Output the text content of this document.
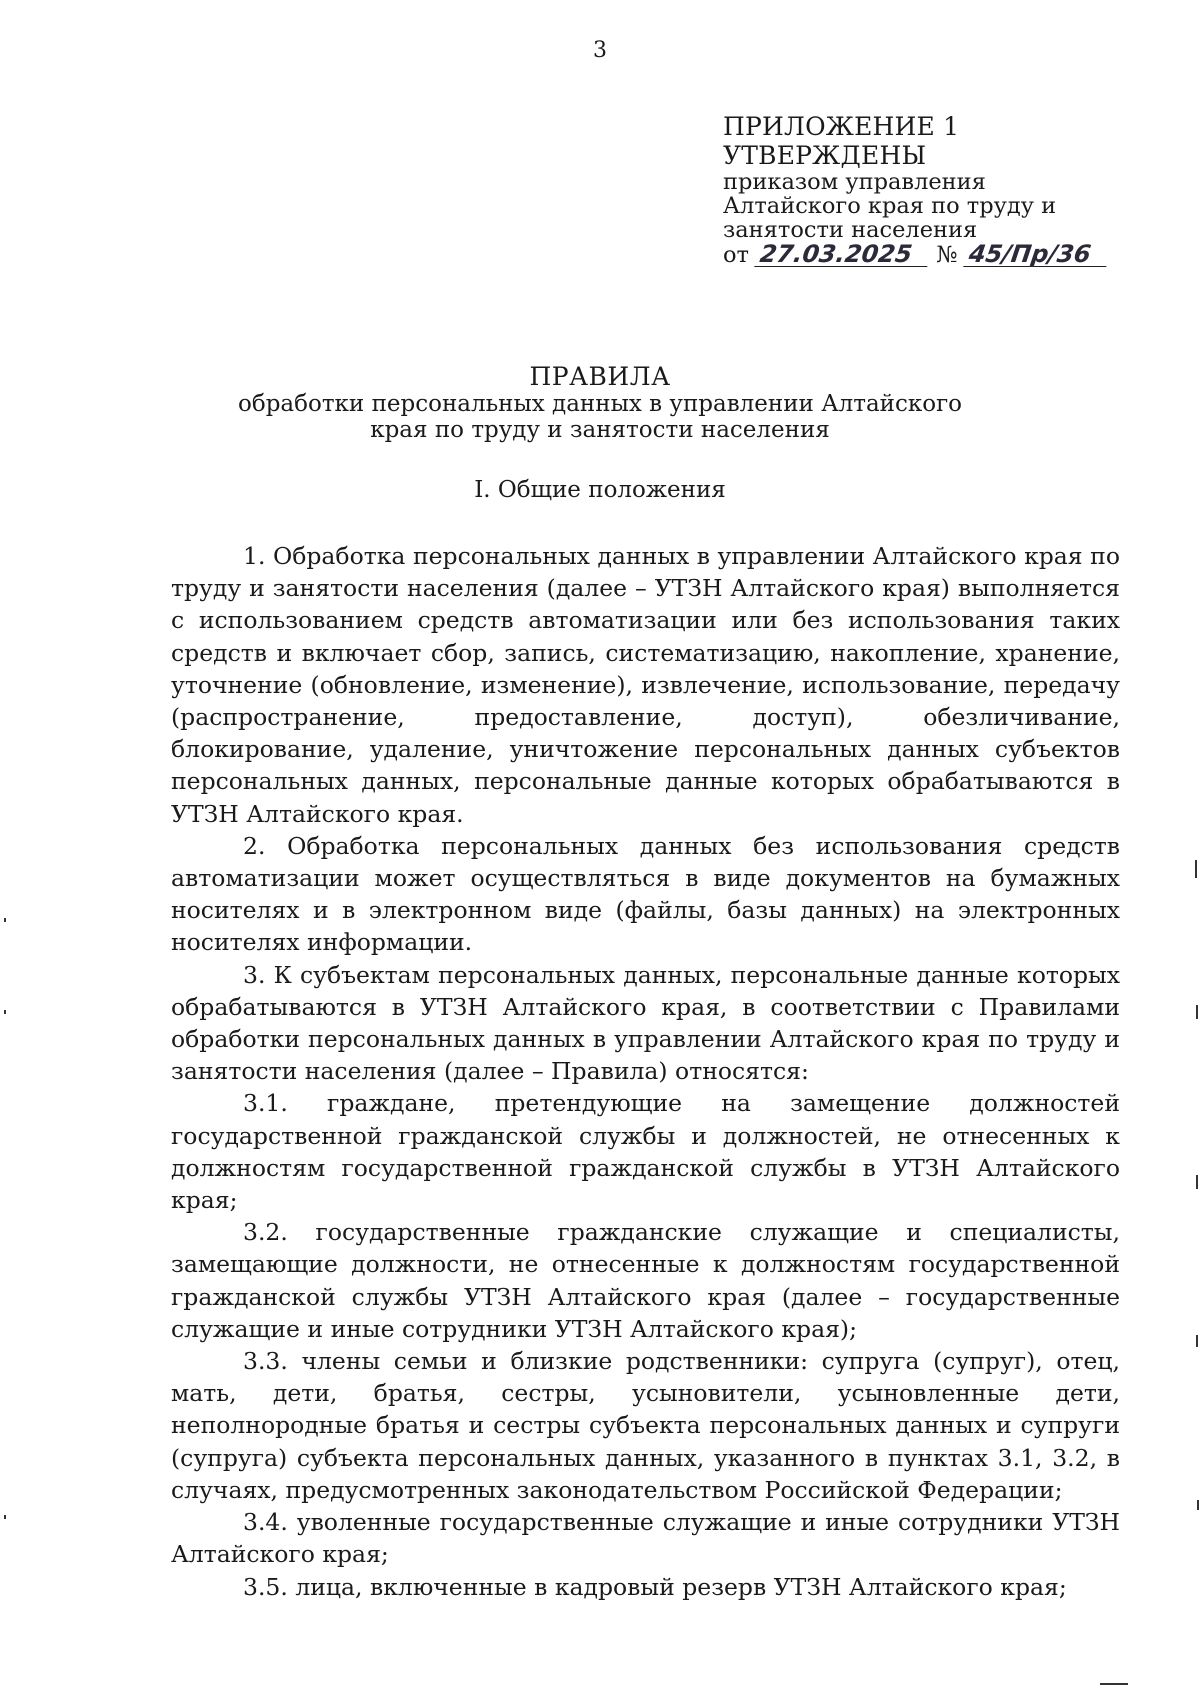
3
ПРИЛОЖЕНИЕ 1
УТВЕРЖДЕНЫ
приказом управления
Алтайского края по труду и
занятости населения
от 27.03.2025 № 45/Пр/36
ПРАВИЛА
обработки персональных данных в управлении Алтайского
края по труду и занятости населения
I. Общие положения

1. Обработка персональных данных в управлении Алтайского края по труду и занятости населения (далее – УТЗН Алтайского края) выполняется с использованием средств автоматизации или без использования таких средств и включает сбор, запись, систематизацию, накопление, хранение, уточнение (обновление, изменение), извлечение, использование, передачу (распространение, предоставление, доступ), обезличивание, блокирование, удаление, уничтожение персональных данных субъектов персональных данных, персональные данные которых обрабатываются в УТЗН Алтайского края.

2. Обработка персональных данных без использования средств автоматизации может осуществляться в виде документов на бумажных носителях и в электронном виде (файлы, базы данных) на электронных носителях информации.

3. К субъектам персональных данных, персональные данные которых обрабатываются в УТЗН Алтайского края, в соответствии с Правилами обработки персональных данных в управлении Алтайского края по труду и занятости населения (далее – Правила) относятся:

3.1. граждане, претендующие на замещение должностей государственной гражданской службы и должностей, не отнесенных к должностям государственной гражданской службы в УТЗН Алтайского края;

3.2. государственные гражданские служащие и специалисты, замещающие должности, не отнесенные к должностям государственной гражданской службы УТЗН Алтайского края (далее – государственные служащие и иные сотрудники УТЗН Алтайского края);

3.3. члены семьи и близкие родственники: супруга (супруг), отец, мать, дети, братья, сестры, усыновители, усыновленные дети, неполнородные братья и сестры субъекта персональных данных и супруги (супруга) субъекта персональных данных, указанного в пунктах 3.1, 3.2, в случаях, предусмотренных законодательством Российской Федерации;

3.4. уволенные государственные служащие и иные сотрудники УТЗН Алтайского края;

3.5. лица, включенные в кадровый резерв УТЗН Алтайского края;
